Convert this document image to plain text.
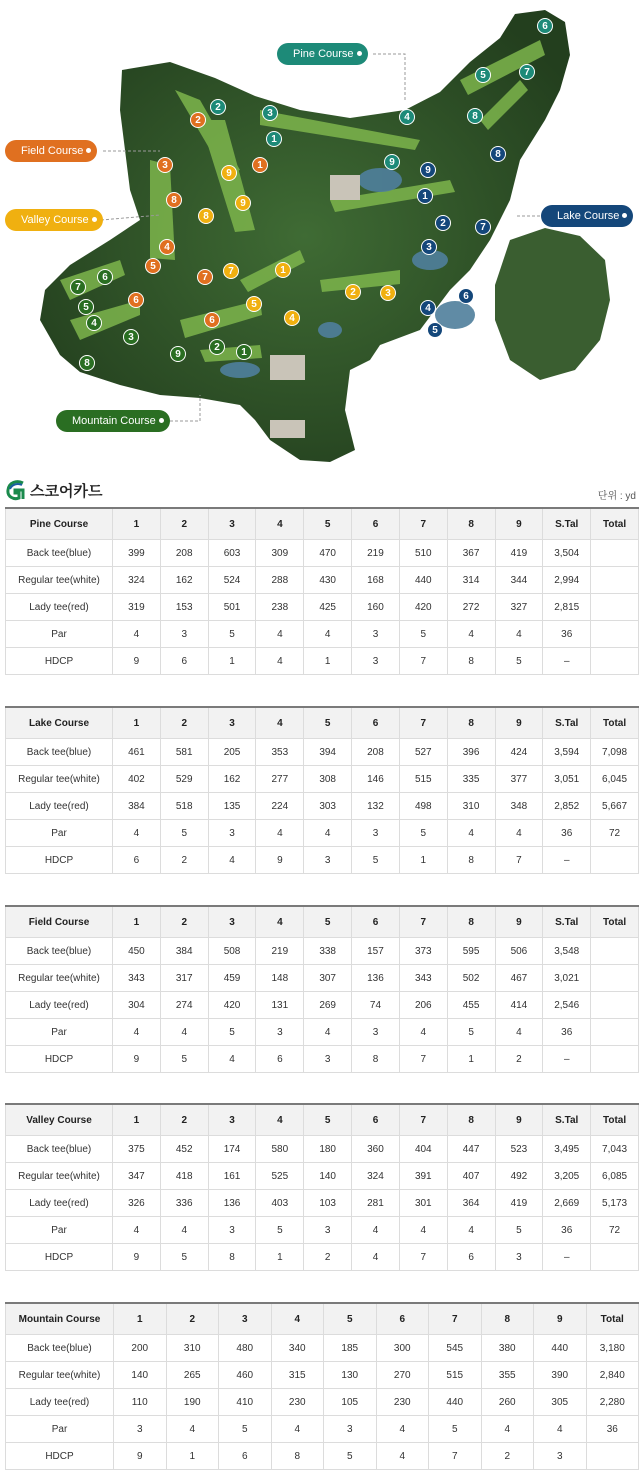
Pine Course
Field Course
Valley Course	Lake Course
Mountain Course
6
5	7
2
3
1
4	8
9
2
3
8
4
5
6
7
6
1
9
9
8
7	1
5
4
2	3
9
1
8
2	7
3
6
4
5
6
7
5
4
3
8
9
2	1
스코어카드	단위 : yd
Pine Course	1	2	3	4	5	6	7	8	9	S.Tal	Total
Back tee(blue)	399	208	603	309	470	219	510	367	419	3,504	
Regular tee(white)	324	162	524	288	430	168	440	314	344	2,994	
Lady tee(red)	319	153	501	238	425	160	420	272	327	2,815	
Par	4	3	5	4	4	3	5	4	4	36	
HDCP	9	6	1	4	1	3	7	8	5	–	
Lake Course	1	2	3	4	5	6	7	8	9	S.Tal	Total
Back tee(blue)	461	581	205	353	394	208	527	396	424	3,594	7,098
Regular tee(white)	402	529	162	277	308	146	515	335	377	3,051	6,045
Lady tee(red)	384	518	135	224	303	132	498	310	348	2,852	5,667
Par	4	5	3	4	4	3	5	4	4	36	72
HDCP	6	2	4	9	3	5	1	8	7	–	
Field Course	1	2	3	4	5	6	7	8	9	S.Tal	Total
Back tee(blue)	450	384	508	219	338	157	373	595	506	3,548	
Regular tee(white)	343	317	459	148	307	136	343	502	467	3,021	
Lady tee(red)	304	274	420	131	269	74	206	455	414	2,546	
Par	4	4	5	3	4	3	4	5	4	36	
HDCP	9	5	4	6	3	8	7	1	2	–	
Valley Course	1	2	3	4	5	6	7	8	9	S.Tal	Total
Back tee(blue)	375	452	174	580	180	360	404	447	523	3,495	7,043
Regular tee(white)	347	418	161	525	140	324	391	407	492	3,205	6,085
Lady tee(red)	326	336	136	403	103	281	301	364	419	2,669	5,173
Par	4	4	3	5	3	4	4	4	5	36	72
HDCP	9	5	8	1	2	4	7	6	3	–	
Mountain Course	1	2	3	4	5	6	7	8	9	Total
Back tee(blue)	200	310	480	340	185	300	545	380	440	3,180
Regular tee(white)	140	265	460	315	130	270	515	355	390	2,840
Lady tee(red)	110	190	410	230	105	230	440	260	305	2,280
Par	3	4	5	4	3	4	5	4	4	36
HDCP	9	1	6	8	5	4	7	2	3	
